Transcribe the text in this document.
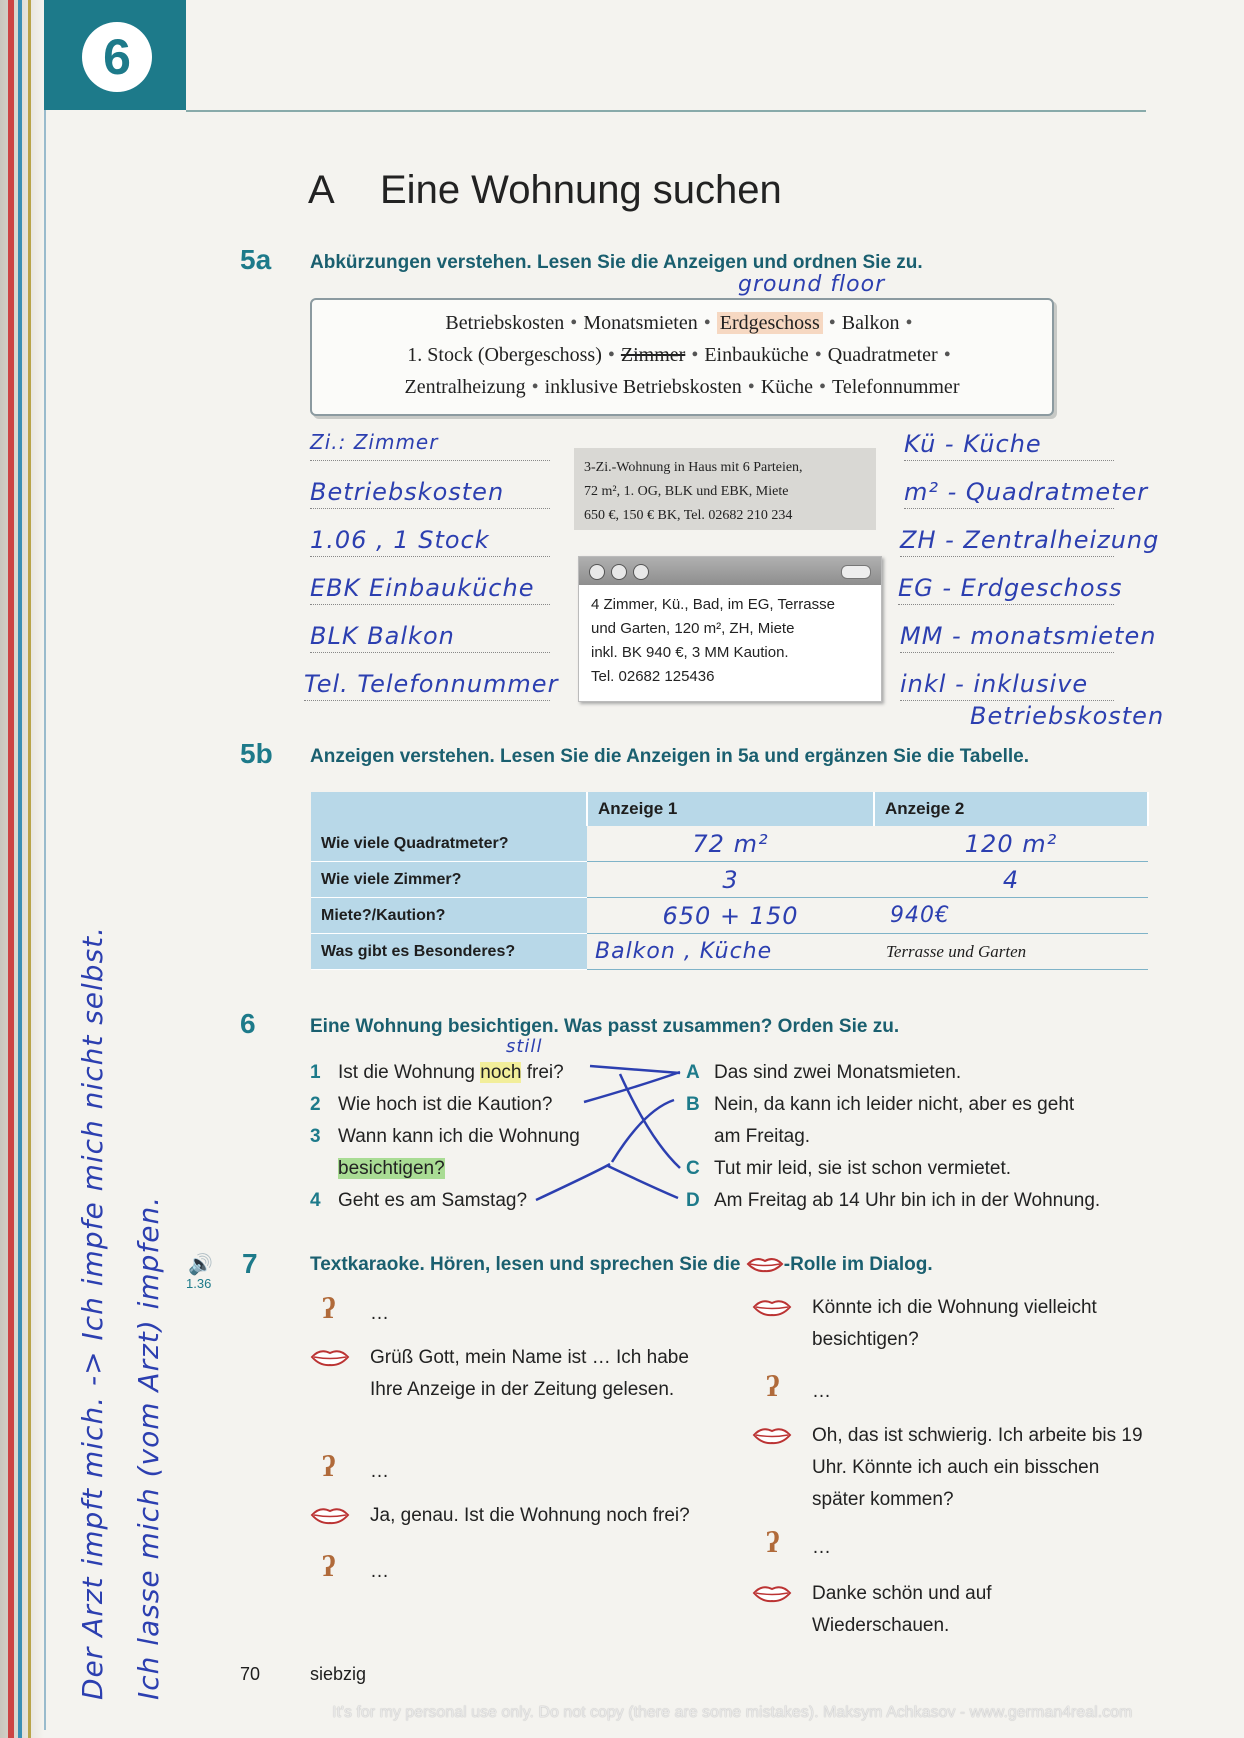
6
A Eine Wohnung suchen
5a Abkürzungen verstehen. Lesen Sie die Anzeigen und ordnen Sie zu.
ground floor
Betriebskosten • Monatsmieten • Erdgeschoss • Balkon •
1. Stock (Obergeschoss) • Zimmer • Einbauküche • Quadratmeter •
Zentralheizung • inklusive Betriebskosten • Küche • Telefonnummer
Zi.: Zimmer
Betriebskosten
1.06 , 1 Stock
EBK Einbauküche
BLK Balkon
Tel. Telefonnummer
3-Zi.-Wohnung in Haus mit 6 Parteien,
72 m², 1. OG, BLK und EBK, Miete
650 €, 150 € BK, Tel. 02682 210 234
4 Zimmer, Kü., Bad, im EG, Terrasse
und Garten, 120 m², ZH, Miete
inkl. BK 940 €, 3 MM Kaution.
Tel. 02682 125436
Kü - Küche
m² - Quadratmeter
ZH - Zentralheizung
EG - Erdgeschoss
MM - monatsmieten
inkl - inklusive
Betriebskosten
5b Anzeigen verstehen. Lesen Sie die Anzeigen in 5a und ergänzen Sie die Tabelle.
	Anzeige 1	Anzeige 2
Wie viele Quadratmeter?	72 m²	120 m²
Wie viele Zimmer?	3	4
Miete?/Kaution?	650 + 150	940€
Was gibt es Besonderes?	Balkon , Küche	Terrasse und Garten
6	Eine Wohnung besichtigen. Was passt zusammen? Orden Sie zu.
still
1 Ist die Wohnung noch frei?
2 Wie hoch ist die Kaution?
3 Wann kann ich die Wohnung
besichtigen?
4 Geht es am Samstag?
A Das sind zwei Monatsmieten.
B Nein, da kann ich leider nicht, aber es geht
am Freitag.
C Tut mir leid, sie ist schon vermietet.
D Am Freitag ab 14 Uhr bin ich in der Wohnung.
🔊
1.36
7	Textkaraoke. Hören, lesen und sprechen Sie die -Rolle im Dialog.
ʔ …
Grüß Gott, mein Name ist … Ich habe Ihre Anzeige in der Zeitung gelesen.
ʔ …
Ja, genau. Ist die Wohnung noch frei?
ʔ …
Könnte ich die Wohnung vielleicht besichtigen?
ʔ …
Oh, das ist schwierig. Ich arbeite bis 19 Uhr. Könnte ich auch ein bisschen später kommen?
ʔ …
Danke schön und auf Wiederschauen.
Der Arzt impft mich. -> Ich impfe mich nicht selbst. Ich lasse mich (vom Arzt) impfen.	70	siebzig
It's for my personal use only. Do not copy (there are some mistakes). Maksym Achkasov - www.german4real.com
